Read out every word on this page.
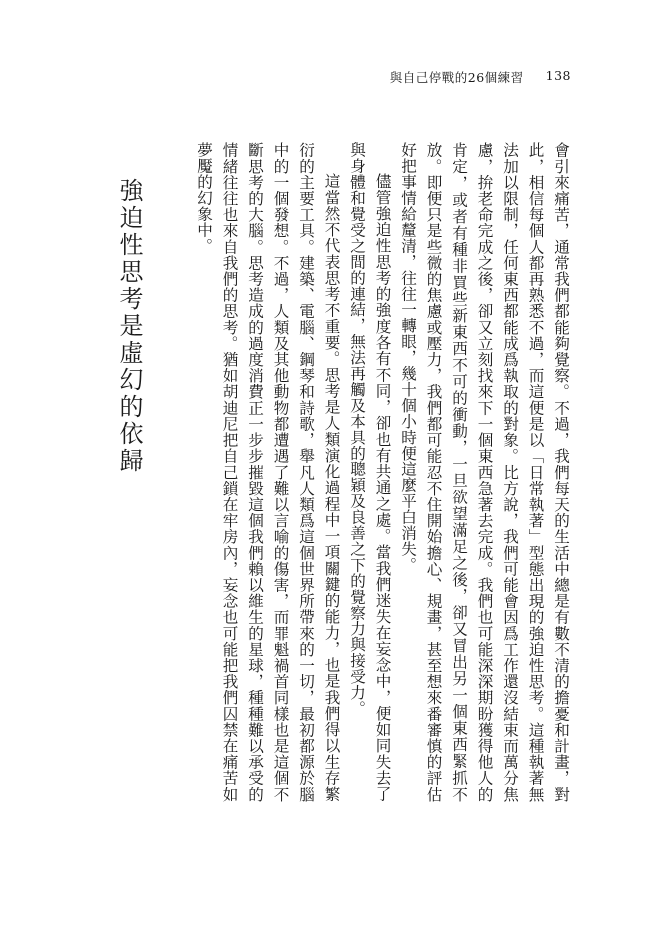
與自己停戰的26個練習 138

會引來痛苦，通常我們都能夠覺察。不過，我們每天的生活中總是有數不清的擔憂和計畫，對此，相信每個人都再熟悉不過，而這便是以「日常執著」型態出現的強迫性思考。這種執著無法加以限制，任何東西都能成爲執取的對象。比方說，我們可能會因爲工作還沒結束而萬分焦慮，拚老命完成之後，卻又立刻找來下一個東西急著去完成。我們也可能深深期盼獲得他人的肯定，或者有種非買些新東西不可的衝動，一旦欲望滿足之後，卻又冒出另一個東西緊抓不放。即便只是些微的焦慮或壓力，我們都可能忍不住開始擔心、規畫，甚至想來番審慎的評估好把事情給釐清，往往一轉眼，幾十個小時便這麼平白消失。

儘管強迫性思考的強度各有不同，卻也有共通之處。當我們迷失在妄念中，便如同失去了與身體和覺受之間的連結，無法再觸及本具的聰穎及良善之下的覺察力與接受力。

這當然不代表思考不重要。思考是人類演化過程中一項關鍵的能力，也是我們得以生存繁衍的主要工具。建築、電腦、鋼琴和詩歌，舉凡人類爲這個世界所帶來的一切，最初都源於腦中的一個發想。不過，人類及其他動物都遭遇了難以言喻的傷害，而罪魁禍首同樣也是這個不斷思考的大腦。思考造成的過度消費正一步步摧毀這個我們賴以維生的星球，種種難以承受的情緒往往也來自我們的思考。猶如胡迪尼把自己鎖在牢房內，妄念也可能把我們囚禁在痛苦如夢魘的幻象中。

強迫性思考是虛幻的依歸
